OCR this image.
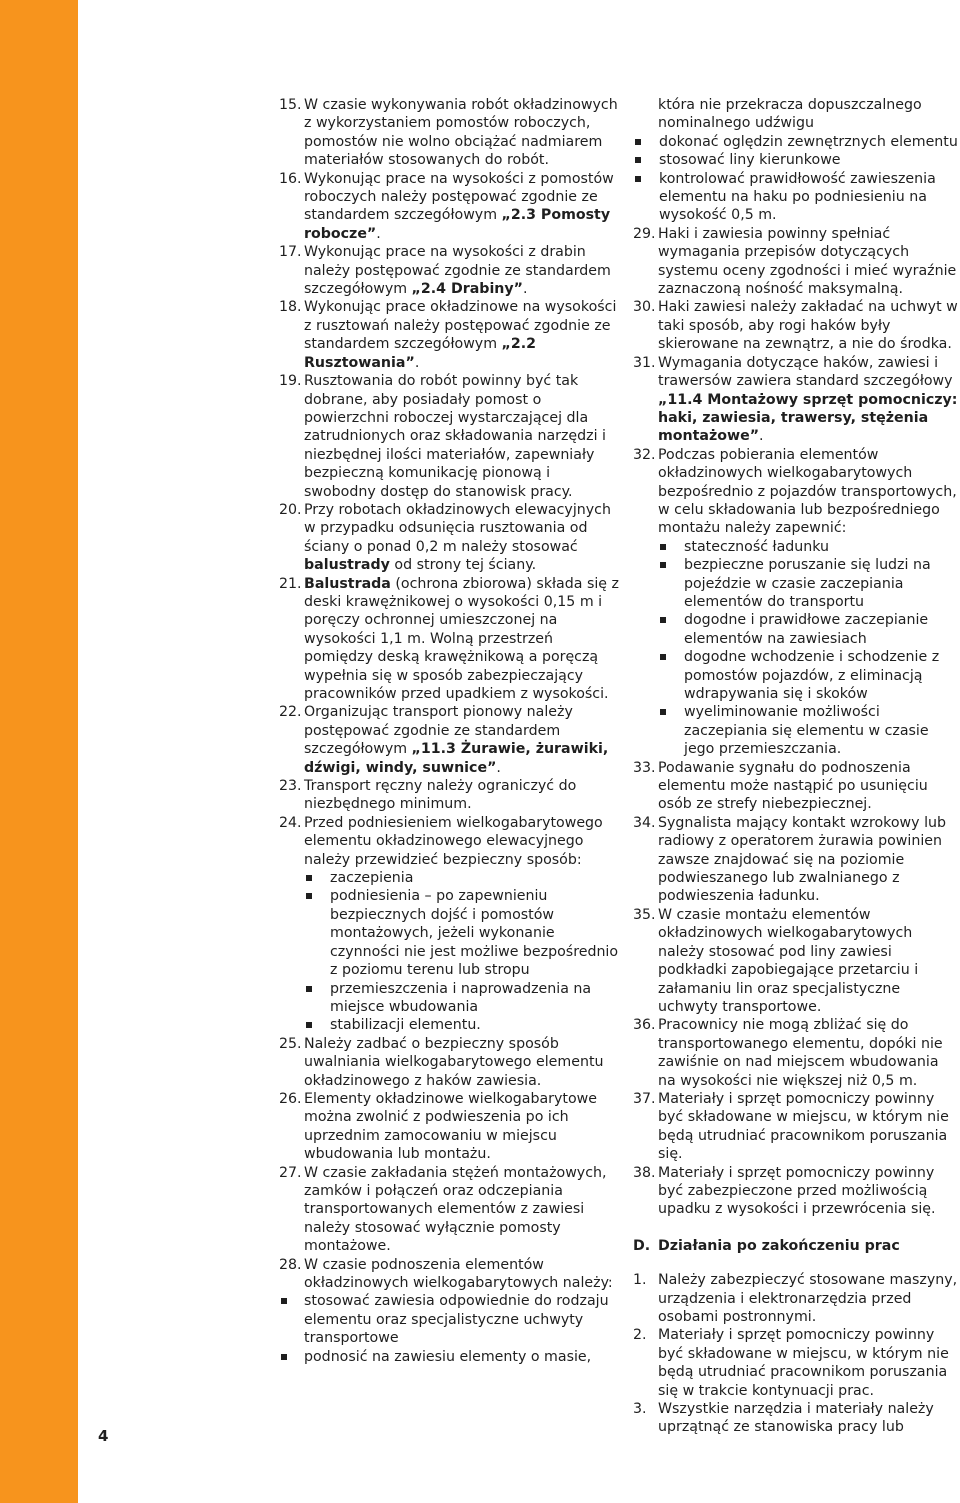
4
15. W czasie wykonywania robót okładzinowych z wykorzystaniem pomostów roboczych, pomostów nie wolno obciążać nadmiarem materiałów stosowanych do robót.
16. Wykonując prace na wysokości z pomostów roboczych należy postępować zgodnie ze standardem szczegółowym „2.3 Pomosty robocze”.
17. Wykonując prace na wysokości z drabin należy postępować zgodnie ze standardem szczegółowym „2.4 Drabiny”.
18. Wykonując prace okładzinowe na wysokości z rusztowań należy postępować zgodnie ze standardem szczegółowym „2.2 Rusztowania”.
19. Rusztowania do robót powinny być tak dobrane, aby posiadały pomost o powierzchni roboczej wystarczającej dla zatrudnionych oraz składowania narzędzi i niezbędnej ilości materiałów, zapewniały bezpieczną komunikację pionową i swobodny dostęp do stanowisk pracy.
20. Przy robotach okładzinowych elewacyjnych w przypadku odsunięcia rusztowania od ściany o ponad 0,2 m należy stosować balustrady od strony tej ściany.
21. Balustrada (ochrona zbiorowa) składa się z deski krawężnikowej o wysokości 0,15 m i poręczy ochronnej umieszczonej na wysokości 1,1 m. Wolną przestrzeń pomiędzy deską krawężnikową a poręczą wypełnia się w sposób zabezpieczający pracowników przed upadkiem z wysokości.
22. Organizując transport pionowy należy postępować zgodnie ze standardem szczegółowym „11.3 Żurawie, żurawiki, dźwigi, windy, suwnice”.
23. Transport ręczny należy ograniczyć do niezbędnego minimum.
24. Przed podniesieniem wielkogabarytowego elementu okładzinowego elewacyjnego należy przewidzieć bezpieczny sposób:
zaczepienia
podniesienia – po zapewnieniu bezpiecznych dojść i pomostów montażowych, jeżeli wykonanie czynności nie jest możliwe bezpośrednio z poziomu terenu lub stropu
przemieszczenia i naprowadzenia na miejsce wbudowania
stabilizacji elementu.
25. Należy zadbać o bezpieczny sposób uwalniania wielkogabarytowego elementu okładzinowego z haków zawiesia.
26. Elementy okładzinowe wielkogabarytowe można zwolnić z podwieszenia po ich uprzednim zamocowaniu w miejscu wbudowania lub montażu.
27. W czasie zakładania stężeń montażowych, zamków i połączeń oraz odczepiania transportowanych elementów z zawiesi należy stosować wyłącznie pomosty montażowe.
28. W czasie podnoszenia elementów okładzinowych wielkogabarytowych należy:
stosować zawiesia odpowiednie do rodzaju elementu oraz specjalistyczne uchwyty transportowe
podnosić na zawiesiu elementy o masie,
która nie przekracza dopuszczalnego nominalnego udźwigu
dokonać oględzin zewnętrznych elementu
stosować liny kierunkowe
kontrolować prawidłowość zawieszenia elementu na haku po podniesieniu na wysokość 0,5 m.
29. Haki i zawiesia powinny spełniać wymagania przepisów dotyczących systemu oceny zgodności i mieć wyraźnie zaznaczoną nośność maksymalną.
30. Haki zawiesi należy zakładać na uchwyt w taki sposób, aby rogi haków były skierowane na zewnątrz, a nie do środka.
31. Wymagania dotyczące haków, zawiesi i trawersów zawiera standard szczegółowy „11.4 Montażowy sprzęt pomocniczy: haki, zawiesia, trawersy, stężenia montażowe”.
32. Podczas pobierania elementów okładzinowych wielkogabarytowych bezpośrednio z pojazdów transportowych, w celu składowania lub bezpośredniego montażu należy zapewnić:
stateczność ładunku
bezpieczne poruszanie się ludzi na pojeździe w czasie zaczepiania elementów do transportu
dogodne i prawidłowe zaczepianie elementów na zawiesiach
dogodne wchodzenie i schodzenie z pomostów pojazdów, z eliminacją wdrapywania się i skoków
wyeliminowanie możliwości zaczepiania się elementu w czasie jego przemieszczania.
33. Podawanie sygnału do podnoszenia elementu może nastąpić po usunięciu osób ze strefy niebezpiecznej.
34. Sygnalista mający kontakt wzrokowy lub radiowy z operatorem żurawia powinien zawsze znajdować się na poziomie podwieszanego lub zwalnianego z podwieszenia ładunku.
35. W czasie montażu elementów okładzinowych wielkogabarytowych należy stosować pod liny zawiesi podkładki zapobiegające przetarciu i załamaniu lin oraz specjalistyczne uchwyty transportowe.
36. Pracownicy nie mogą zbliżać się do transportowanego elementu, dopóki nie zawiśnie on nad miejscem wbudowania na wysokości nie większej niż 0,5 m.
37. Materiały i sprzęt pomocniczy powinny być składowane w miejscu, w którym nie będą utrudniać pracownikom poruszania się.
38. Materiały i sprzęt pomocniczy powinny być zabezpieczone przed możliwością upadku z wysokości i przewrócenia się.
D. Działania po zakończeniu prac
1. Należy zabezpieczyć stosowane maszyny, urządzenia i elektronarzędzia przed osobami postronnymi.
2. Materiały i sprzęt pomocniczy powinny być składowane w miejscu, w którym nie będą utrudniać pracownikom poruszania się w trakcie kontynuacji prac.
3. Wszystkie narzędzia i materiały należy uprzątnąć ze stanowiska pracy lub
